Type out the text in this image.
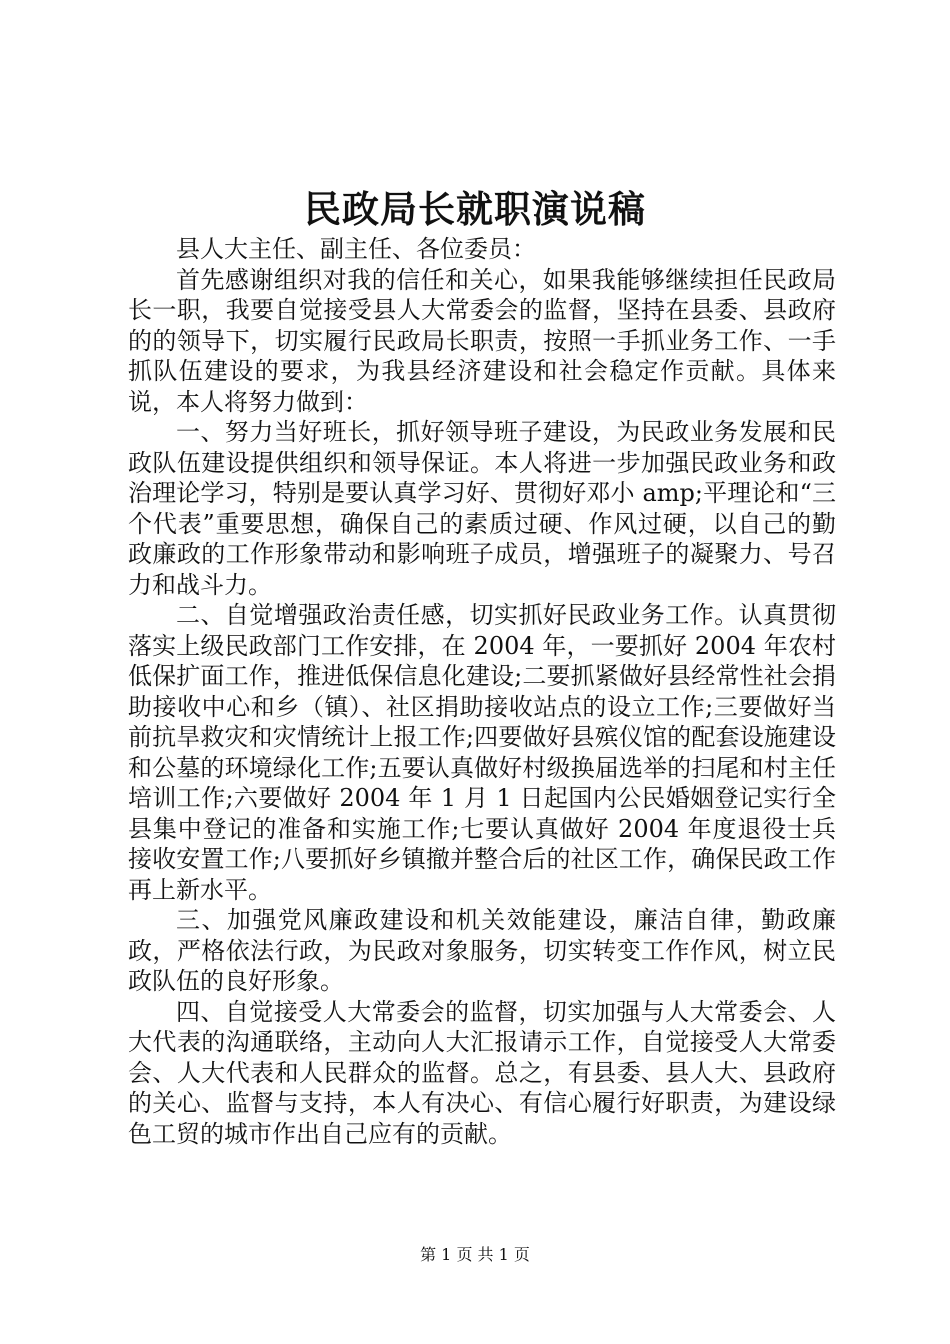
民政局长就职演说稿

县人大主任、副主任、各位委员：

首先感谢组织对我的信任和关心，如果我能够继续担任民政局长一职，我要自觉接受县人大常委会的监督，坚持在县委、县政府的的领导下，切实履行民政局长职责，按照一手抓业务工作、一手抓队伍建设的要求，为我县经济建设和社会稳定作贡献。具体来说，本人将努力做到：

一、努力当好班长，抓好领导班子建设，为民政业务发展和民政队伍建设提供组织和领导保证。本人将进一步加强民政业务和政治理论学习，特别是要认真学习好、贯彻好邓小 amp;平理论和“三个代表”重要思想，确保自己的素质过硬、作风过硬，以自己的勤政廉政的工作形象带动和影响班子成员，增强班子的凝聚力、号召力和战斗力。

二、自觉增强政治责任感，切实抓好民政业务工作。认真贯彻落实上级民政部门工作安排，在 2004 年，一要抓好 2004 年农村低保扩面工作，推进低保信息化建设;二要抓紧做好县经常性社会捐助接收中心和乡（镇）、社区捐助接收站点的设立工作;三要做好当前抗旱救灾和灾情统计上报工作;四要做好县殡仪馆的配套设施建设和公墓的环境绿化工作;五要认真做好村级换届选举的扫尾和村主任培训工作;六要做好 2004 年 1 月 1 日起国内公民婚姻登记实行全县集中登记的准备和实施工作;七要认真做好 2004 年度退役士兵接收安置工作;八要抓好乡镇撤并整合后的社区工作，确保民政工作再上新水平。

三、加强党风廉政建设和机关效能建设，廉洁自律，勤政廉政，严格依法行政，为民政对象服务，切实转变工作作风，树立民政队伍的良好形象。

四、自觉接受人大常委会的监督，切实加强与人大常委会、人大代表的沟通联络，主动向人大汇报请示工作，自觉接受人大常委会、人大代表和人民群众的监督。总之，有县委、县人大、县政府的关心、监督与支持，本人有决心、有信心履行好职责，为建设绿色工贸的城市作出自己应有的贡献。

第 1 页 共 1 页
